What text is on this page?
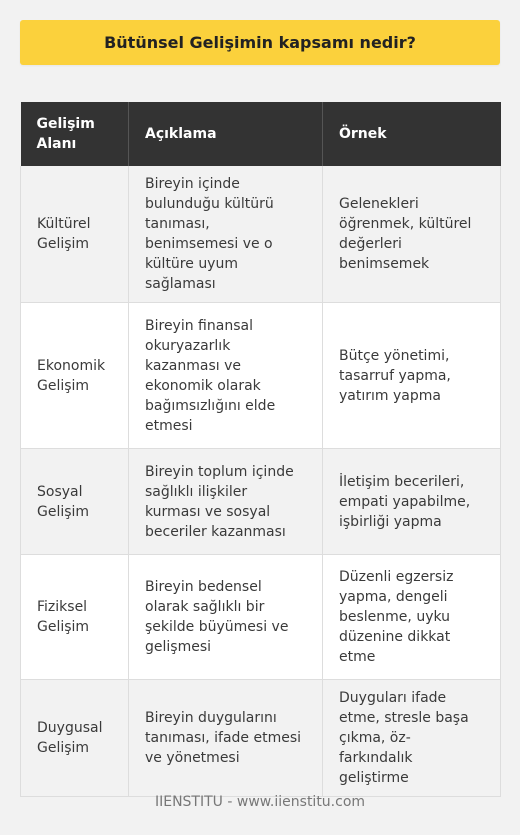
Bütünsel Gelişimin kapsamı nedir?
Gelişim Alanı	Açıklama	Örnek
Kültürel Gelişim	Bireyin içinde bulunduğu kültürü tanıması, benimsemesi ve o kültüre uyum sağlaması	Gelenekleri öğrenmek, kültürel değerleri benimsemek
Ekonomik Gelişim	Bireyin finansal okuryazarlık kazanması ve ekonomik olarak bağımsızlığını elde etmesi	Bütçe yönetimi, tasarruf yapma, yatırım yapma
Sosyal Gelişim	Bireyin toplum içinde sağlıklı ilişkiler kurması ve sosyal beceriler kazanması	İletişim becerileri, empati yapabilme, işbirliği yapma
Fiziksel Gelişim	Bireyin bedensel olarak sağlıklı bir şekilde büyümesi ve gelişmesi	Düzenli egzersiz yapma, dengeli beslenme, uyku düzenine dikkat etme
Duygusal Gelişim	Bireyin duygularını tanıması, ifade etmesi ve yönetmesi	Duyguları ifade etme, stresle başa çıkma, öz-farkındalık geliştirme
IIENSTITU - www.iienstitu.com
